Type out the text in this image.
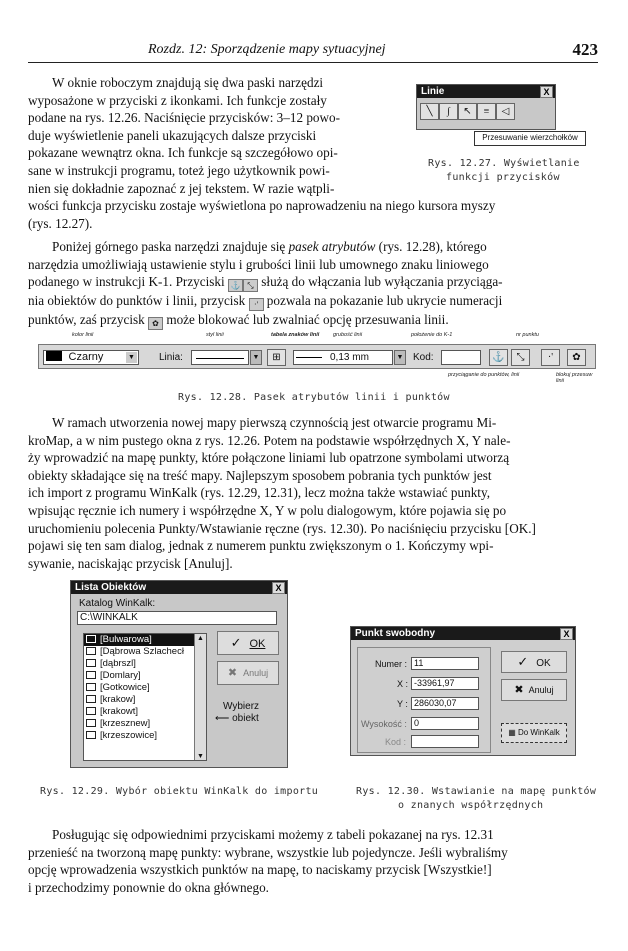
Rozdz. 12: Sporządzenie mapy sytuacyjnej	423
W oknie roboczym znajdują się dwa paski narzędzi
wyposażone w przyciski z ikonkami. Ich funkcje zostały
podane na rys. 12.26. Naciśnięcie przycisków: 3–12 powo-
duje wyświetlenie paneli ukazujących dalsze przyciski
pokazane wewnątrz okna. Ich funkcje są szczegółowo opi-
sane w instrukcji programu, toteż jego użytkownik powi-
nien się dokładnie zapoznać z jej tekstem. W razie wątpli-
wości funkcja przycisku zostaje wyświetlona po naprowadzeniu na niego kursora myszy
(rys. 12.27).
Linie	X
╲ ∫ ↖ ≡ ◁
Przesuwanie wierzchołków
Rys. 12.27. Wyświetlanie
funkcji przycisków
Poniżej górnego paska narzędzi znajduje się pasek atrybutów (rys. 12.28), którego
narzędzia umożliwiają ustawienie stylu i grubości linii lub umownego znaku liniowego
podanego w instrukcji K-1. Przyciski ⚓ ⤡ służą do włączania lub wyłączania przyciąga-
nia obiektów do punktów i linii, przycisk ·' pozwala na pokazanie lub ukrycie numeracji
punktów, zaś przycisk ✿ może blokować lub zwalniać opcję przesuwania linii.
kolor linii	styl linii	tabela znaków linii grubość linii	położenie do K-1	nr punktu
Czarny	▼ Linia:	▼	⊞	0,13 mm	▼ Kod:	⚓	⤡	·'	✿
przyciąganie do punktów, linii	blokuj przesuw linii
Rys. 12.28. Pasek atrybutów linii i punktów
W ramach utworzenia nowej mapy pierwszą czynnością jest otwarcie programu Mi-
kroMap, a w nim pustego okna z rys. 12.26. Potem na podstawie współrzędnych X, Y nale-
ży wprowadzić na mapę punkty, które połączone liniami lub opatrzone symbolami utworzą
obiekty składające się na treść mapy. Najlepszym sposobem pobrania tych punktów jest
ich import z programu WinKalk (rys. 12.29, 12.31), lecz można także wstawiać punkty,
wpisując ręcznie ich numery i współrzędne X, Y w polu dialogowym, które pojawia się po
uruchomieniu polecenia Punkty/Wstawianie ręczne (rys. 12.30). Po naciśnięciu przycisku [OK.]
pojawi się ten sam dialog, jednak z numerem punktu zwiększonym o 1. Kończymy wpi-
sywanie, naciskając przycisk [Anuluj].
Lista Obiektów	X
Katalog WinKalk:
C:\WINKALK
[Bulwarowa]
[Dąbrowa Szlachecł
[dąbrszl]
[Domlary]
[Gotkowice]
[krakow]
[krakowt]
[krzesznew]
[krzeszowice]
▲
▼
✓ OK
✖ Anuluj
Wybierz
⟵ obiekt
Rys. 12.29. Wybór obiektu WinKalk do importu
Punkt swobodny	X
Numer : 11
X : -33961,97
Y : 286030,07
Wysokość : 0
Kod :
✓ OK
✖ Anuluj
▦ Do WinKalk
Rys. 12.30. Wstawianie na mapę punktów
o znanych współrzędnych
Posługując się odpowiednimi przyciskami możemy z tabeli pokazanej na rys. 12.31
przenieść na tworzoną mapę punkty: wybrane, wszystkie lub pojedyncze. Jeśli wybraliśmy
opcję wprowadzenia wszystkich punktów na mapę, to naciskamy przycisk [Wszystkie!]
i przechodzimy ponownie do okna głównego.
